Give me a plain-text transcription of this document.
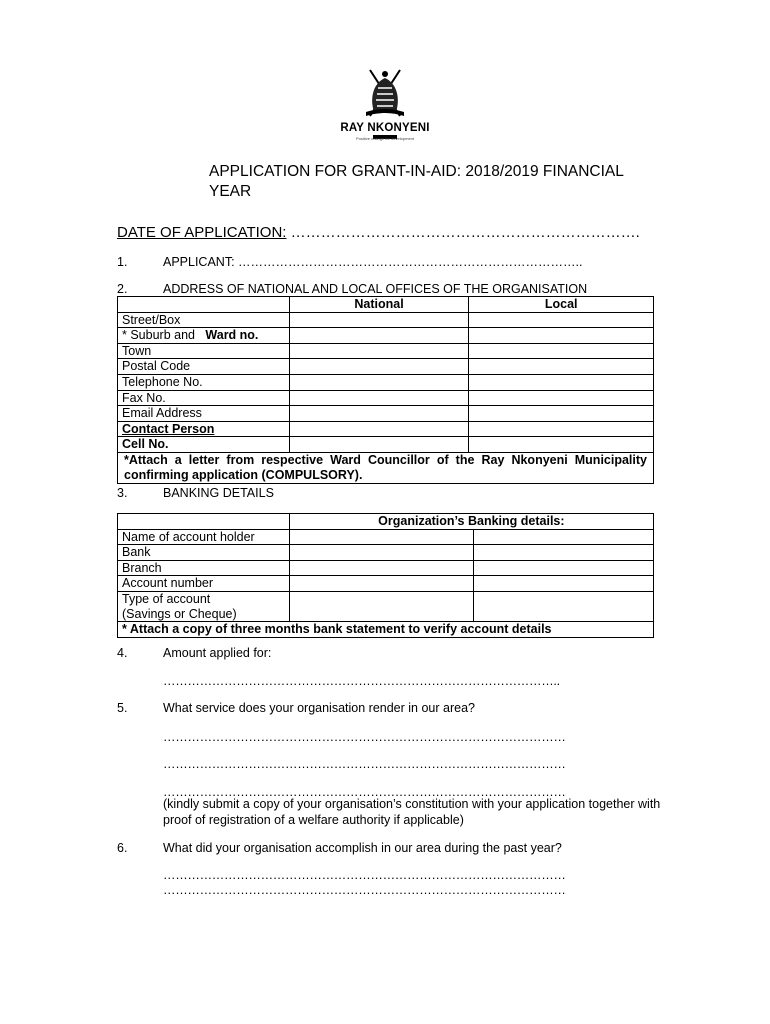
RAY NKONYENI
Positive change for development
APPLICATION FOR GRANT-IN-AID: 2018/2019 FINANCIAL YEAR
DATE OF APPLICATION: …………………………………………………………….
1.	APPLICANT: ………………………………………………………………………..
2.	ADDRESS OF NATIONAL AND LOCAL OFFICES OF THE ORGANISATION
	National	Local
Street/Box		
* Suburb and Ward no.		
Town		
Postal Code		
Telephone No.		
Fax No.		
Email Address		
Contact Person		
Cell No.		
*Attach a letter from respective Ward Councillor of the Ray Nkonyeni Municipality confirming application (COMPULSORY).		
3.	BANKING DETAILS
	Organization’s Banking details:	
Name of account holder		
Bank		
Branch		
Account number		

Type of account
(Savings or Cheque)		

* Attach a copy of three months bank statement to verify account details		
4.	Amount applied for:
……………………………………………………………………………………..
5.	What service does your organisation render in our area?
………………………………………………………………………………………
………………………………………………………………………………………
………………………………………………………………………………………
(kindly submit a copy of your organisation’s constitution with your application together with proof of registration of a welfare authority if applicable)
6.	What did your organisation accomplish in our area during the past year?
………………………………………………………………………………………
………………………………………………………………………………………
